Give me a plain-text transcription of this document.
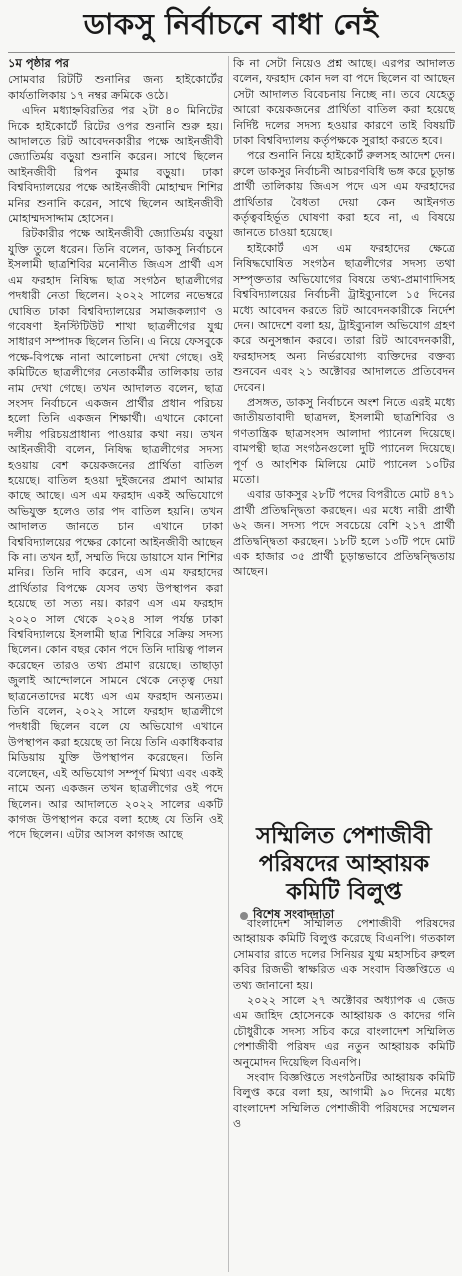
ডাকসু নির্বাচনে বাধা নেই
১ম পৃষ্ঠার পর

সোমবার রিটটি শুনানির জন্য হাইকোর্টের কার্যতালিকায় ১৭ নম্বর ক্রমিকে ওঠে।

এদিন মধ্যাহ্নবিরতির পর ২টা ৪০ মিনিটের দিকে হাইকোর্টে রিটের ওপর শুনানি শুরু হয়। আদালতে রিট আবেদনকারীর পক্ষে আইনজীবী জ্যোতির্ময় বড়ুয়া শুনানি করেন। সাথে ছিলেন আইনজীবী রিপন কুমার বড়ুয়া। ঢাকা বিশ্ববিদ্যালয়ের পক্ষে আইনজীবী মোহাম্মদ শিশির মনির শুনানি করেন, সাথে ছিলেন আইনজীবী মোহাম্মদসাদ্দাম হোসেন।

রিটকারীর পক্ষে আইনজীবী জ্যোতির্ময় বড়ুয়া যুক্তি তুলে ধরেন। তিনি বলেন, ডাকসু নির্বাচনে ইসলামী ছাত্রশিবির মনোনীত জিএস প্রার্থী এস এম ফরহাদ নিষিদ্ধ ছাত্র সংগঠন ছাত্রলীগের পদধারী নেতা ছিলেন। ২০২২ সালের নভেম্বরে ঘোষিত ঢাকা বিশ্ববিদ্যালয়ের সমাজকল্যাণ ও গবেষণা ইনস্টিটিউট শাখা ছাত্রলীগের যুগ্ম সাধারণ সম্পাদক ছিলেন তিনি। এ নিয়ে ফেসবুকে পক্ষে-বিপক্ষে নানা আলোচনা দেখা গেছে। ওই কমিটিতে ছাত্রলীগের নেতাকর্মীর তালিকায় তার নাম দেখা গেছে। তখন আদালত বলেন, ছাত্র সংসদ নির্বাচনে একজন প্রার্থীর প্রধান পরিচয় হলো তিনি একজন শিক্ষার্থী। এখানে কোনো দলীয় পরিচয়প্রাধান্য পাওয়ার কথা নয়। তখন আইনজীবী বলেন, নিষিদ্ধ ছাত্রলীগের সদস্য হওয়ায় বেশ কয়েকজনের প্রার্থিতা বাতিল হয়েছে। বাতিল হওয়া দুইজনের প্রমাণ আমার কাছে আছে। এস এম ফরহাদ একই অভিযোগে অভিযুক্ত হলেও তার পদ বাতিল হয়নি। তখন আদালত জানতে চান এখানে ঢাকা বিশ্ববিদ্যালয়ের পক্ষের কোনো আইনজীবী আছেন কি না। তখন হ্যাঁ, সম্মতি দিয়ে ডায়াসে যান শিশির মনির। তিনি দাবি করেন, এস এম ফরহাদের প্রার্থিতার বিপক্ষে যেসব তথ্য উপস্থাপন করা হয়েছে তা সত্য নয়। কারণ এস এম ফরহাদ ২০২০ সাল থেকে ২০২৪ সাল পর্যন্ত ঢাকা বিশ্ববিদ্যালয়ে ইসলামী ছাত্র শিবিরে সক্রিয় সদস্য ছিলেন। কোন বছর কোন পদে তিনি দায়িত্ব পালন করেছেন তারও তথ্য প্রমাণ রয়েছে। তাছাড়া জুলাই আন্দোলনে সামনে থেকে নেতৃত্ব দেয়া ছাত্রনেতাদের মধ্যে এস এম ফরহাদ অন্যতম। তিনি বলেন, ২০২২ সালে ফরহাদ ছাত্রলীগে পদধারী ছিলেন বলে যে অভিযোগ এখানে উপস্থাপন করা হয়েছে তা নিয়ে তিনি একাধিকবার মিডিয়ায় যুক্তি উপস্থাপন করেছেন। তিনি বলেছেন, এই অভিযোগ সম্পূর্ণ মিথ্যা এবং একই নামে অন্য একজন তখন ছাত্রলীগের ওই পদে ছিলেন। আর আদালতে ২০২২ সালের একটি কাগজ উপস্থাপন করে বলা হচ্ছে যে তিনি ওই পদে ছিলেন। এটার আসল কাগজ আছে

কি না সেটা নিয়েও প্রশ্ন আছে। এরপর আদালত বলেন, ফরহাদ কোন দল বা পদে ছিলেন বা আছেন সেটা আদালত বিবেচনায় নিচ্ছে না। তবে যেহেতু আরো কয়েকজনের প্রার্থিতা বাতিল করা হয়েছে নির্দিষ্ট দলের সদস্য হওয়ার কারণে তাই বিষয়টি ঢাকা বিশ্ববিদ্যালয় কর্তৃপক্ষকে সুরাহা করতে হবে।

পরে শুনানি নিয়ে হাইকোর্ট রুলসহ আদেশ দেন। রুলে ডাকসুর নির্বাচনী আচরণবিধি ভঙ্গ করে চূড়ান্ত প্রার্থী তালিকায় জিএস পদে এস এম ফরহাদের প্রার্থিতার বৈধতা দেয়া কেন আইনগত কর্তৃত্ববহির্ভূত ঘোষণা করা হবে না, এ বিষয়ে জানতে চাওয়া হয়েছে।

হাইকোর্ট এস এম ফরহাদের ক্ষেত্রে নিষিদ্ধঘোষিত সংগঠন ছাত্রলীগের সদস্য তথা সম্পৃক্ততার অভিযোগের বিষয়ে তথ্য-প্রমাণাদিসহ বিশ্ববিদ্যালয়ের নির্বাচনী ট্রাইব্যুনালে ১৫ দিনের মধ্যে আবেদন করতে রিট আবেদনকারীকে নির্দেশ দেন। আদেশে বলা হয়, ট্রাইব্যুনাল অভিযোগ গ্রহণ করে অনুসন্ধান করবে। তারা রিট আবেদনকারী, ফরহাদসহ অন্য নির্ভরযোগ্য ব্যক্তিদের বক্তব্য শুনবেন এবং ২১ অক্টোবর আদালতে প্রতিবেদন দেবেন।

প্রসঙ্গত, ডাকসু নির্বাচনে অংশ নিতে এরই মধ্যে জাতীয়তাবাদী ছাত্রদল, ইসলামী ছাত্রশিবির ও গণতান্ত্রিক ছাত্রসংসদ আলাদা প্যানেল দিয়েছে। বামপন্থী ছাত্র সংগঠনগুলো দুটি প্যানেল দিয়েছে। পূর্ণ ও আংশিক মিলিয়ে মোট প্যানেল ১০টির মতো।

এবার ডাকসুর ২৮টি পদের বিপরীতে মোট ৪৭১ প্রার্থী প্রতিদ্বন্দ্বিতা করছেন। এর মধ্যে নারী প্রার্থী ৬২ জন। সদস্য পদে সবচেয়ে বেশি ২১৭ প্রার্থী প্রতিদ্বন্দ্বিতা করছেন। ১৮টি হলে ১৩টি পদে মোট এক হাজার ৩৫ প্রার্থী চূড়ান্তভাবে প্রতিদ্বন্দ্বিতায় আছেন।

সম্মিলিত পেশাজীবী পরিষদের আহ্বায়ক কমিটি বিলুপ্ত
বিশেষ সংবাদদাতা

বাংলাদেশ সম্মিলিত পেশাজীবী পরিষদের আহ্বায়ক কমিটি বিলুপ্ত করেছে বিএনপি। গতকাল সোমবার রাতে দলের সিনিয়র যুগ্ম মহাসচিব রুহুল কবির রিজভী স্বাক্ষরিত এক সংবাদ বিজ্ঞপ্তিতে এ তথ্য জানানো হয়।

২০২২ সালে ২৭ অক্টোবর অধ্যাপক এ জেড এম জাহিদ হোসেনকে আহ্বায়ক ও কাদের গনি চৌধুরীকে সদস্য সচিব করে বাংলাদেশ সম্মিলিত পেশাজীবী পরিষদ এর নতুন আহ্বায়ক কমিটি অনুমোদন দিয়েছিল বিএনপি।

সংবাদ বিজ্ঞপ্তিতে সংগঠনটির আহ্বায়ক কমিটি বিলুপ্ত করে বলা হয়, আগামী ৯০ দিনের মধ্যে বাংলাদেশ সম্মিলিত পেশাজীবী পরিষদের সম্মেলন ও
